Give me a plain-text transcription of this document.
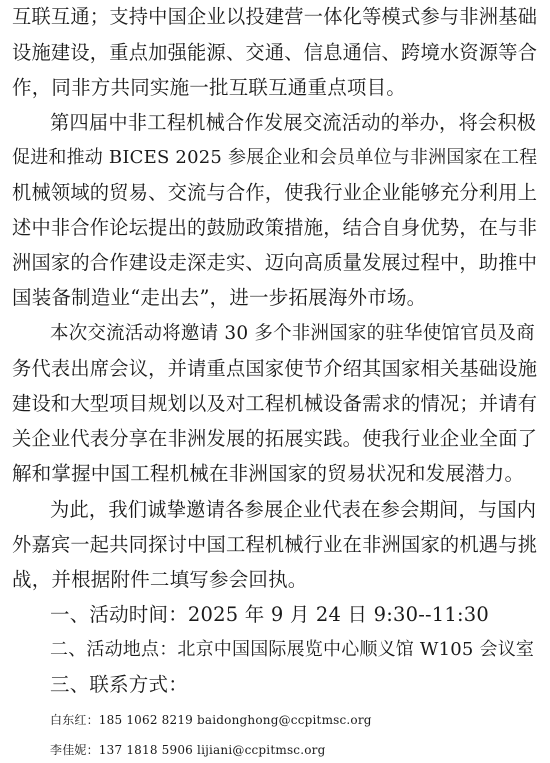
互联互通；支持中国企业以投建营一体化等模式参与非洲基础
设施建设，重点加强能源、交通、信息通信、跨境水资源等合
作，同非方共同实施一批互联互通重点项目。
第四届中非工程机械合作发展交流活动的举办，将会积极
促进和推动 BICES 2025 参展企业和会员单位与非洲国家在工程
机械领域的贸易、交流与合作，使我行业企业能够充分利用上
述中非合作论坛提出的鼓励政策措施，结合自身优势，在与非
洲国家的合作建设走深走实、迈向高质量发展过程中，助推中
国装备制造业“走出去”，进一步拓展海外市场。
本次交流活动将邀请 30 多个非洲国家的驻华使馆官员及商
务代表出席会议，并请重点国家使节介绍其国家相关基础设施
建设和大型项目规划以及对工程机械设备需求的情况；并请有
关企业代表分享在非洲发展的拓展实践。使我行业企业全面了
解和掌握中国工程机械在非洲国家的贸易状况和发展潜力。
为此，我们诚挚邀请各参展企业代表在参会期间，与国内
外嘉宾一起共同探讨中国工程机械行业在非洲国家的机遇与挑
战，并根据附件二填写参会回执。
一、活动时间：2025 年 9 月 24 日 9:30--11:30
二、活动地点：北京中国国际展览中心顺义馆 W105 会议室
三、联系方式：
白东红：185 1062 8219 baidonghong@ccpitmsc.org
李佳妮：137 1818 5906 lijiani@ccpitmsc.org
